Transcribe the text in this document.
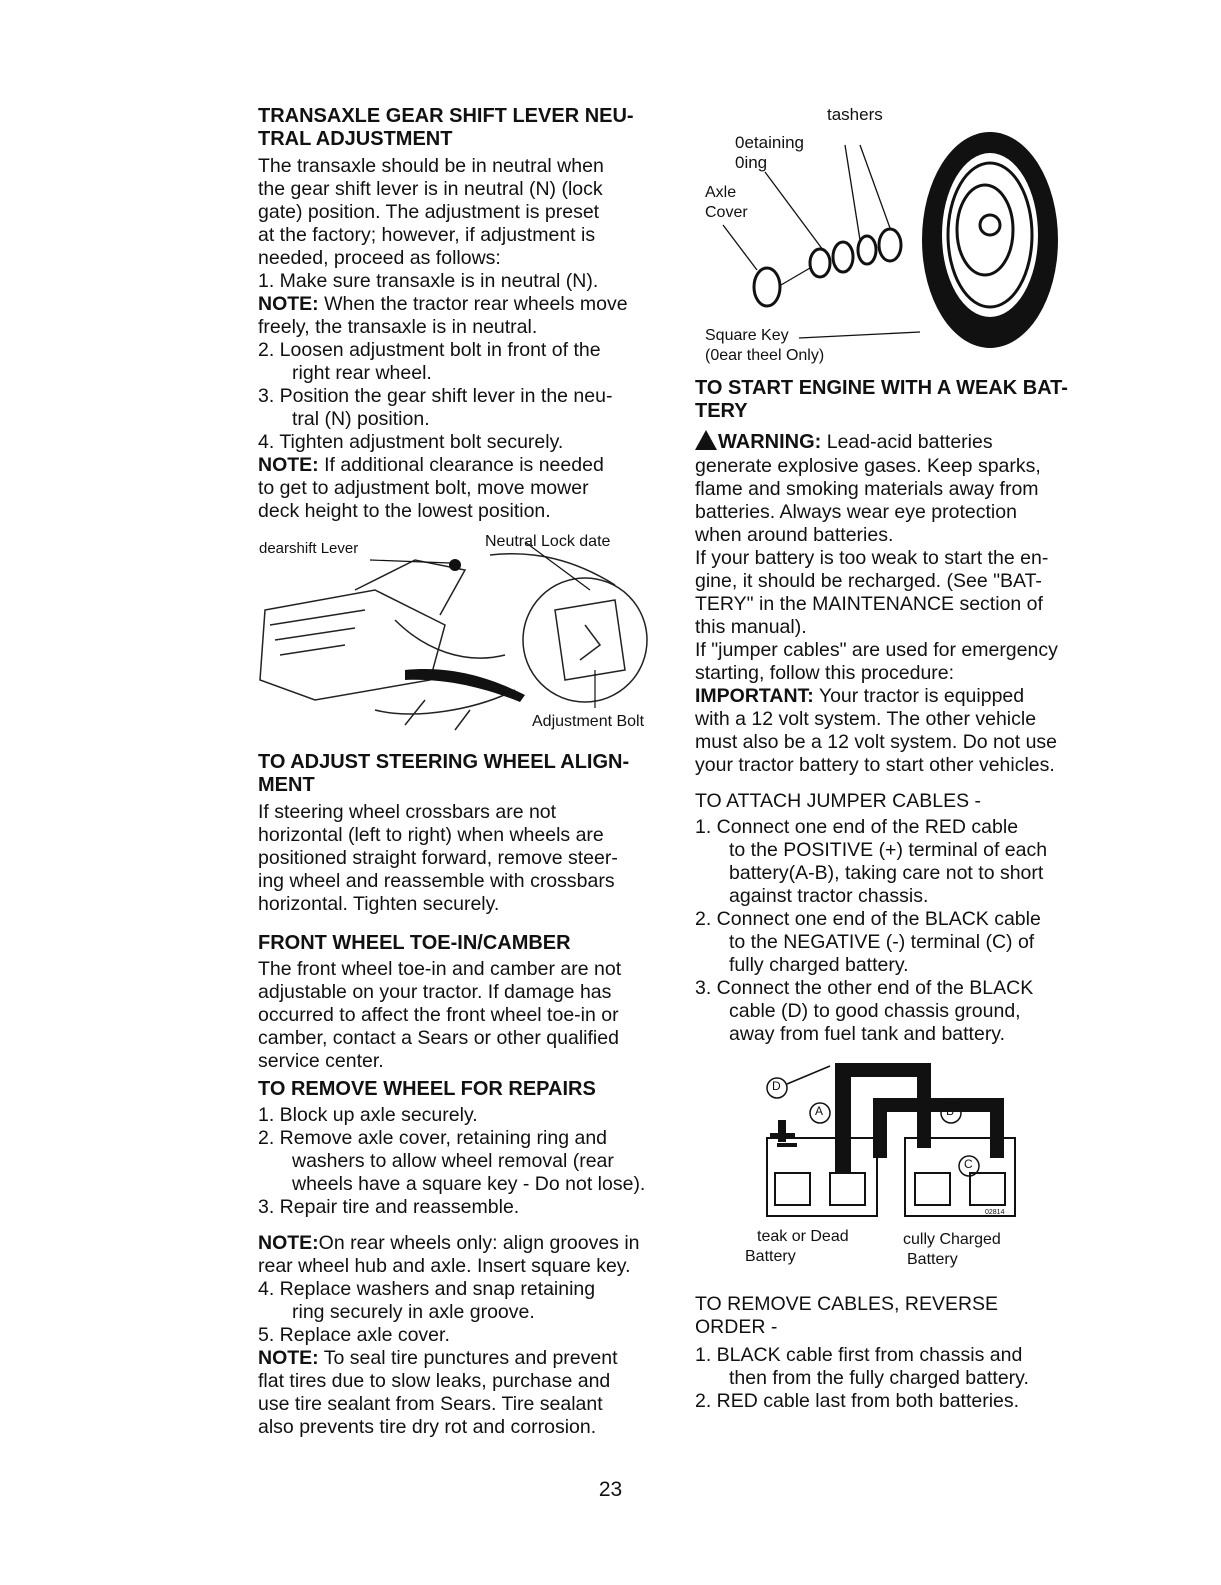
TRANSAXLE GEAR SHIFT LEVER NEU-
TRAL ADJUSTMENT
The transaxle should be in neutral when
the gear shift lever is in neutral (N) (lock
gate) position. The adjustment is preset
at the factory; however, if adjustment is
needed, proceed as follows:
1. Make sure transaxle is in neutral (N).
NOTE: When the tractor rear wheels move
freely, the transaxle is in neutral.
2. Loosen adjustment bolt in front of the
right rear wheel.
3. Position the gear shift lever in the neu-
tral (N) position.
4. Tighten adjustment bolt securely.
NOTE: If additional clearance is needed
to get to adjustment bolt, move mower
deck height to the lowest position.
dearshift Lever	Neutral Lock date
Adjustment Bolt
TO ADJUST STEERING WHEEL ALIGN-
MENT
If steering wheel crossbars are not
horizontal (left to right) when wheels are
positioned straight forward, remove steer-
ing wheel and reassemble with crossbars
horizontal. Tighten securely.
FRONT WHEEL TOE-IN/CAMBER
The front wheel toe-in and camber are not
adjustable on your tractor. If damage has
occurred to affect the front wheel toe-in or
camber, contact a Sears or other qualified
service center.
TO REMOVE WHEEL FOR REPAIRS
1. Block up axle securely.
2. Remove axle cover, retaining ring and
washers to allow wheel removal (rear
wheels have a square key - Do not lose).
3. Repair tire and reassemble.
NOTE:On rear wheels only: align grooves in
rear wheel hub and axle. Insert square key.
4. Replace washers and snap retaining
ring securely in axle groove.
5. Replace axle cover.
NOTE: To seal tire punctures and prevent
flat tires due to slow leaks, purchase and
use tire sealant from Sears. Tire sealant
also prevents tire dry rot and corrosion.
tashers
0etaining
0ing
Axle
Cover
Square Key
(0ear theel Only)
TO START ENGINE WITH A WEAK BAT-
TERY
WARNING: Lead-acid batteries
generate explosive gases. Keep sparks,
flame and smoking materials away from
batteries. Always wear eye protection
when around batteries.
If your battery is too weak to start the en-
gine, it should be recharged. (See "BAT-
TERY" in the MAINTENANCE section of
this manual).
If "jumper cables" are used for emergency
starting, follow this procedure:
IMPORTANT: Your tractor is equipped
with a 12 volt system. The other vehicle
must also be a 12 volt system. Do not use
your tractor battery to start other vehicles.
TO ATTACH JUMPER CABLES -
1. Connect one end of the RED cable
to the POSITIVE (+) terminal of each
battery(A-B), taking care not to short
against tractor chassis.
2. Connect one end of the BLACK cable
to the NEGATIVE (-) terminal (C) of
fully charged battery.
3. Connect the other end of the BLACK
cable (D) to good chassis ground,
away from fuel tank and battery.
D
A	B
C
02814
teak or Dead
Battery
cully Charged
Battery
TO REMOVE CABLES, REVERSE
ORDER -
1. BLACK cable first from chassis and
then from the fully charged battery.
2. RED cable last from both batteries.
23
